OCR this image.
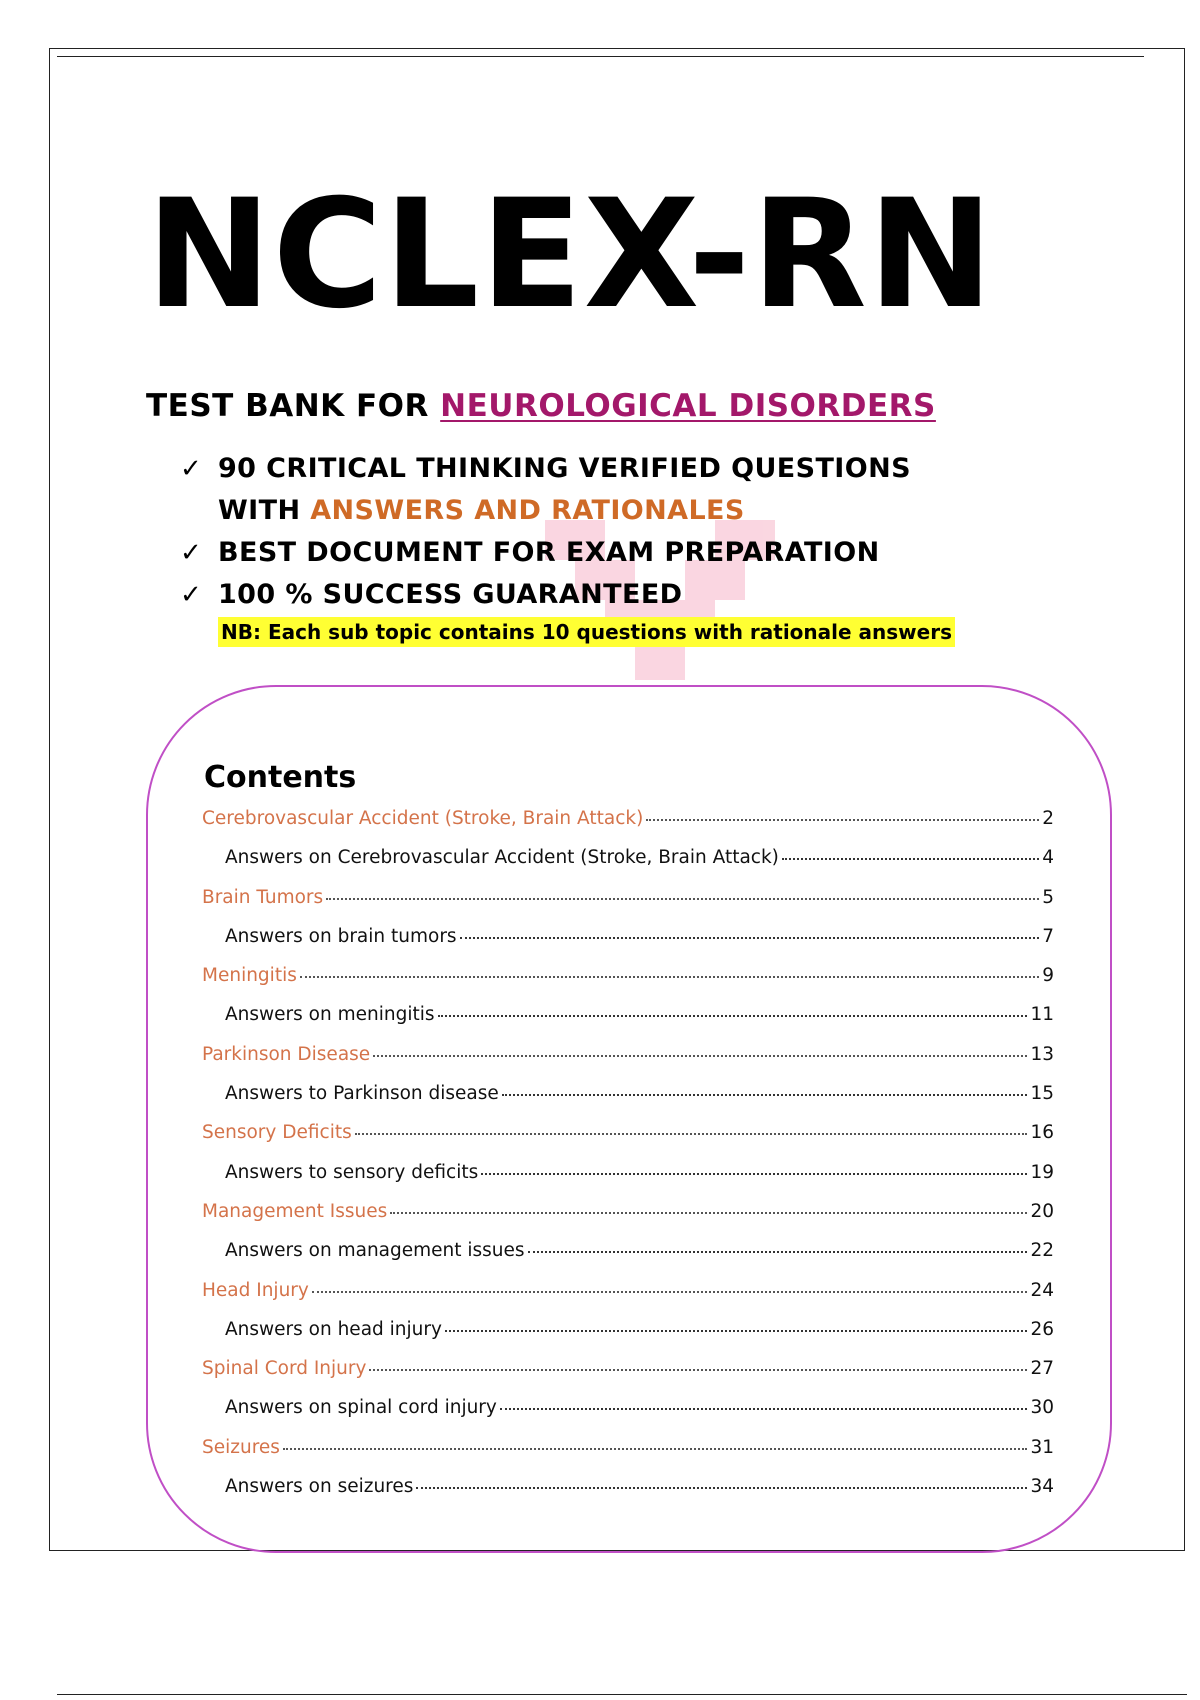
NCLEX-RN
TEST BANK FOR NEUROLOGICAL DISORDERS
✓ 90 CRITICAL THINKING VERIFIED QUESTIONS
WITH ANSWERS AND RATIONALES
✓ BEST DOCUMENT FOR EXAM PREPARATION
✓ 100 % SUCCESS GUARANTEED
NB: Each sub topic contains 10 questions with rationale answers
Contents
Cerebrovascular Accident (Stroke, Brain Attack)	2
Answers on Cerebrovascular Accident (Stroke, Brain Attack)	4
Brain Tumors	5
Answers on brain tumors	7
Meningitis	9
Answers on meningitis	11
Parkinson Disease	13
Answers to Parkinson disease	15
Sensory Deficits	16
Answers to sensory deficits	19
Management Issues	20
Answers on management issues	22
Head Injury	24
Answers on head injury	26
Spinal Cord Injury	27
Answers on spinal cord injury	30
Seizures	31
Answers on seizures	34
